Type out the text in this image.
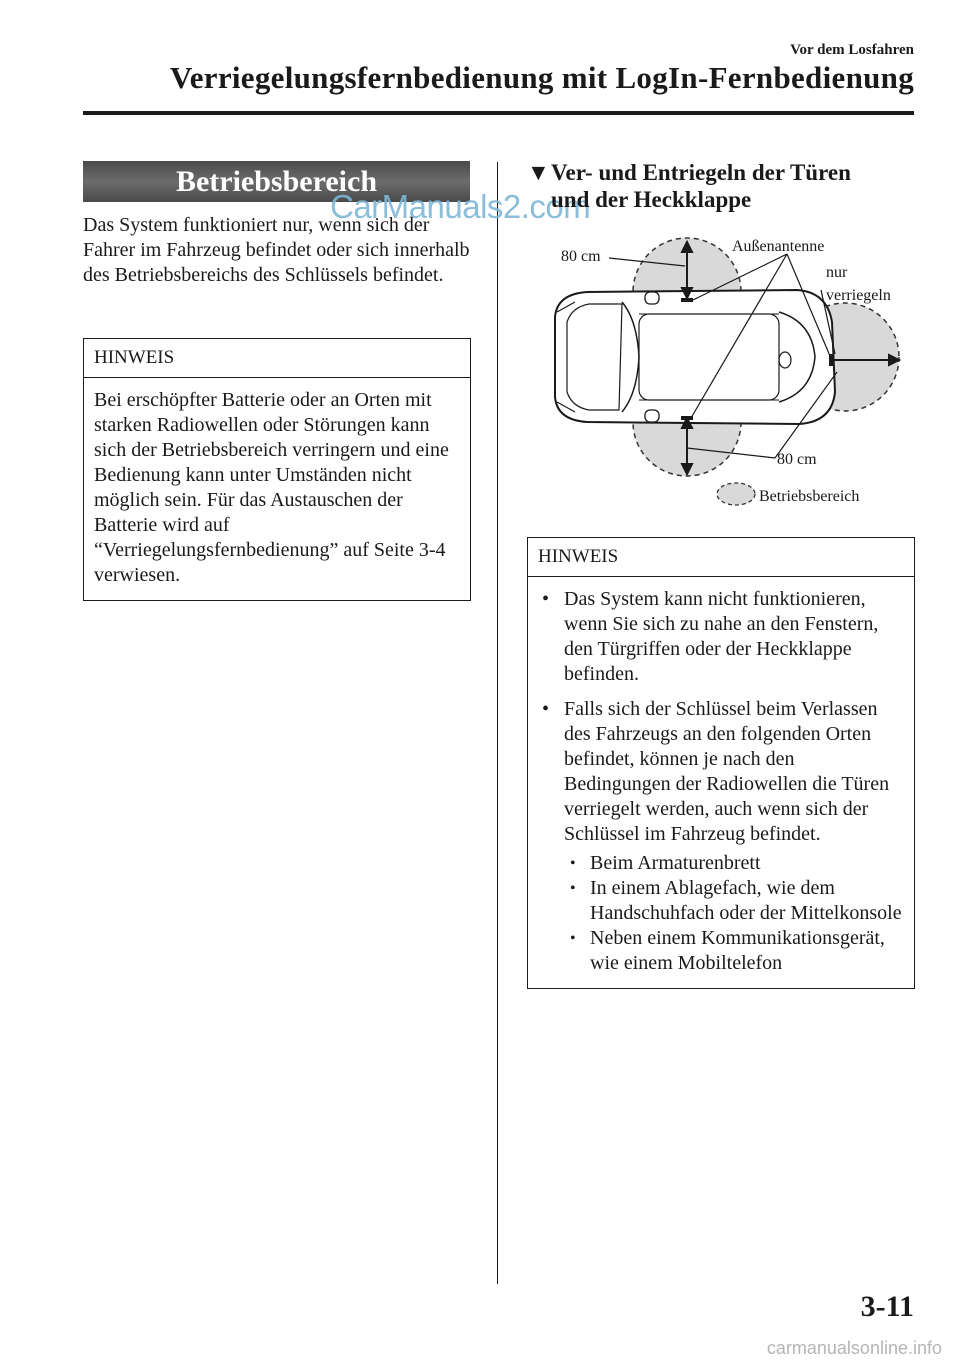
Vor dem Losfahren
Verriegelungsfernbedienung mit LogIn-Fernbedienung
Betriebsbereich
CarManuals2.com

Das System funktioniert nur, wenn sich der Fahrer im Fahrzeug befindet oder sich innerhalb des Betriebsbereichs des Schlüssels befindet.

HINWEIS

Bei erschöpfter Batterie oder an Orten mit starken Radiowellen oder Störungen kann sich der Betriebsbereich verringern und eine Bedienung kann unter Umständen nicht möglich sein. Für das Austauschen der Batterie wird auf “Verriegelungsfernbedienung” auf Seite 3-4 verwiesen.

▼Ver- und Entriegeln der Türen
und der Heckklappe
80 cm
Außenantenne
nur
verriegeln
80 cm
Betriebsbereich
HINWEIS
• Das System kann nicht funktionieren, wenn Sie sich zu nahe an den Fenstern, den Türgriffen oder der Heckklappe befinden.
• Falls sich der Schlüssel beim Verlassen des Fahrzeugs an den folgenden Orten befindet, können je nach den Bedingungen der Radiowellen die Türen verriegelt werden, auch wenn sich der Schlüssel im Fahrzeug befindet.
• Beim Armaturenbrett
• In einem Ablagefach, wie dem Handschuhfach oder der Mittelkonsole
• Neben einem Kommunikationsgerät, wie einem Mobiltelefon
3-11
carmanualsonline.info
